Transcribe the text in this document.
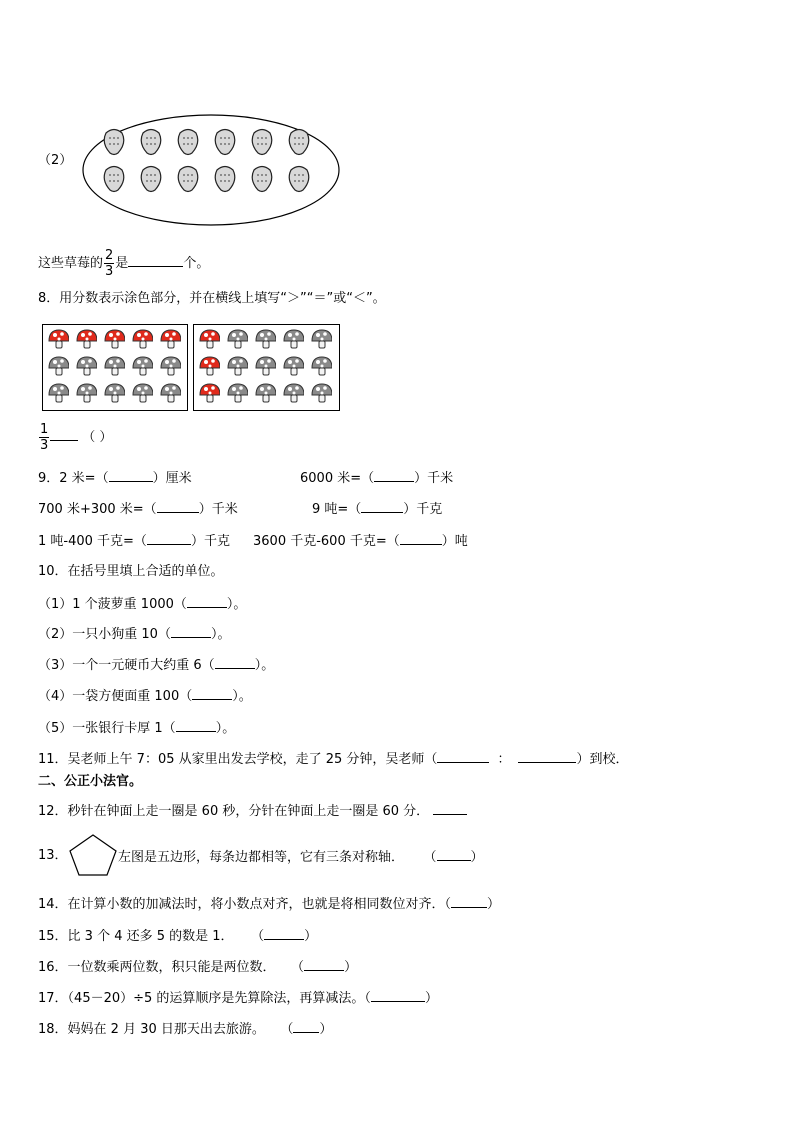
（2）
这些草莓的 $\frac{2}{3}$ 是	个。
8．用分数表示涂色部分，并在横线上填写“＞”“＝”或“＜”。
$\frac{1}{3}$	（ ）
9．2 米=（	）厘米	6000 米=（	）千米
700 米+300 米=（	）千米	9 吨=（	）千克
1 吨-400 千克=（	）千克 3600 千克-600 千克=（	）吨
10．在括号里填上合适的单位。
（1）1 个菠萝重 1000（	）。
（2）一只小狗重 10（	）。
（3）一个一元硬币大约重 6（	）。
（4）一袋方便面重 100（	）。
（5）一张银行卡厚 1（	）。
11．吴老师上午 7：05 从家里出发去学校，走了 25 分钟，吴老师（	：	）到校．
二、公正小法官。
12．秒针在钟面上走一圈是 60 秒，分针在钟面上走一圈是 60 分．
13．	左图是五边形，每条边都相等，它有三条对称轴． （	）
14．在计算小数的加减法时，将小数点对齐，也就是将相同数位对齐．（	）
15．比 3 个 4 还多 5 的数是 1． （	）
16．一位数乘两位数，积只能是两位数． （	）
17．（45－20）÷5 的运算顺序是先算除法，再算减法。（	）
18．妈妈在 2 月 30 日那天出去旅游。 （ ）
